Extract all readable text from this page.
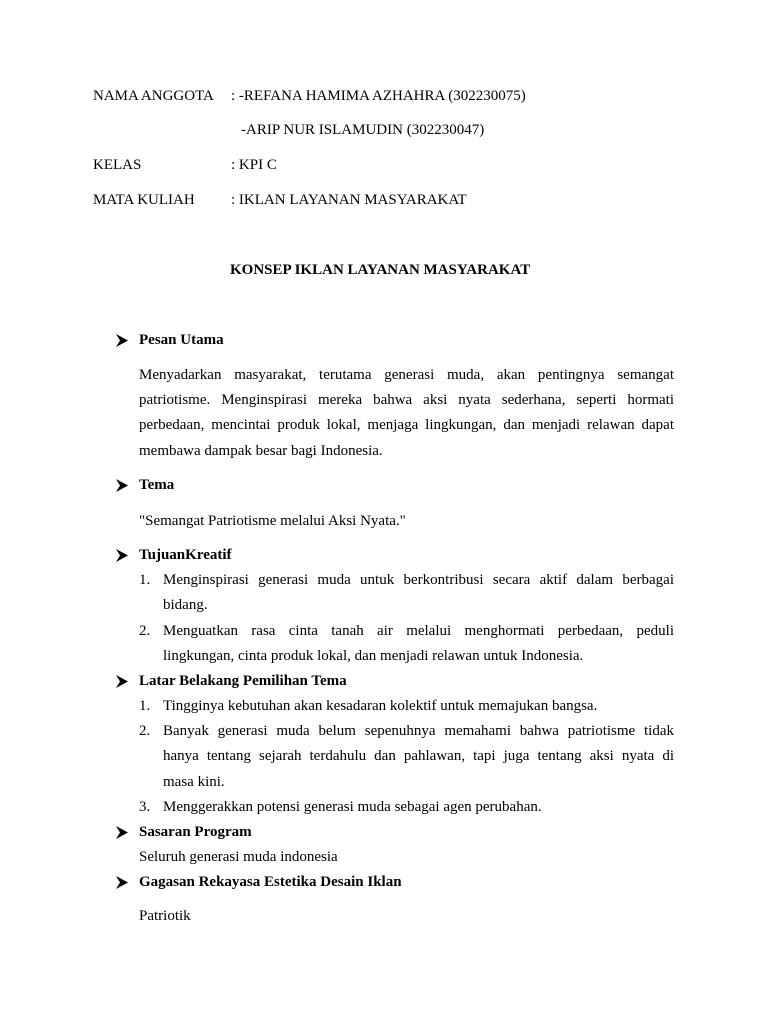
NAMA ANGGOTA : -REFANA HAMIMA AZHAHRA (302230075)
-ARIP NUR ISLAMUDIN (302230047)
KELAS	: KPI C
MATA KULIAH : IKLAN LAYANAN MASYARAKAT
KONSEP IKLAN LAYANAN MASYARAKAT
Pesan Utama
Menyadarkan masyarakat, terutama generasi muda, akan pentingnya semangat
patriotisme. Menginspirasi mereka bahwa aksi nyata sederhana, seperti hormati
perbedaan, mencintai produk lokal, menjaga lingkungan, dan menjadi relawan dapat
membawa dampak besar bagi Indonesia.
Tema
"Semangat Patriotisme melalui Aksi Nyata."
TujuanKreatif
1. Menginspirasi generasi muda untuk berkontribusi secara aktif dalam berbagai
bidang.
2. Menguatkan rasa cinta tanah air melalui menghormati perbedaan, peduli
lingkungan, cinta produk lokal, dan menjadi relawan untuk Indonesia.
Latar Belakang Pemilihan Tema
1. Tingginya kebutuhan akan kesadaran kolektif untuk memajukan bangsa.
2. Banyak generasi muda belum sepenuhnya memahami bahwa patriotisme tidak
hanya tentang sejarah terdahulu dan pahlawan, tapi juga tentang aksi nyata di
masa kini.
3. Menggerakkan potensi generasi muda sebagai agen perubahan.
Sasaran Program
Seluruh generasi muda indonesia
Gagasan Rekayasa Estetika Desain Iklan
Patriotik
